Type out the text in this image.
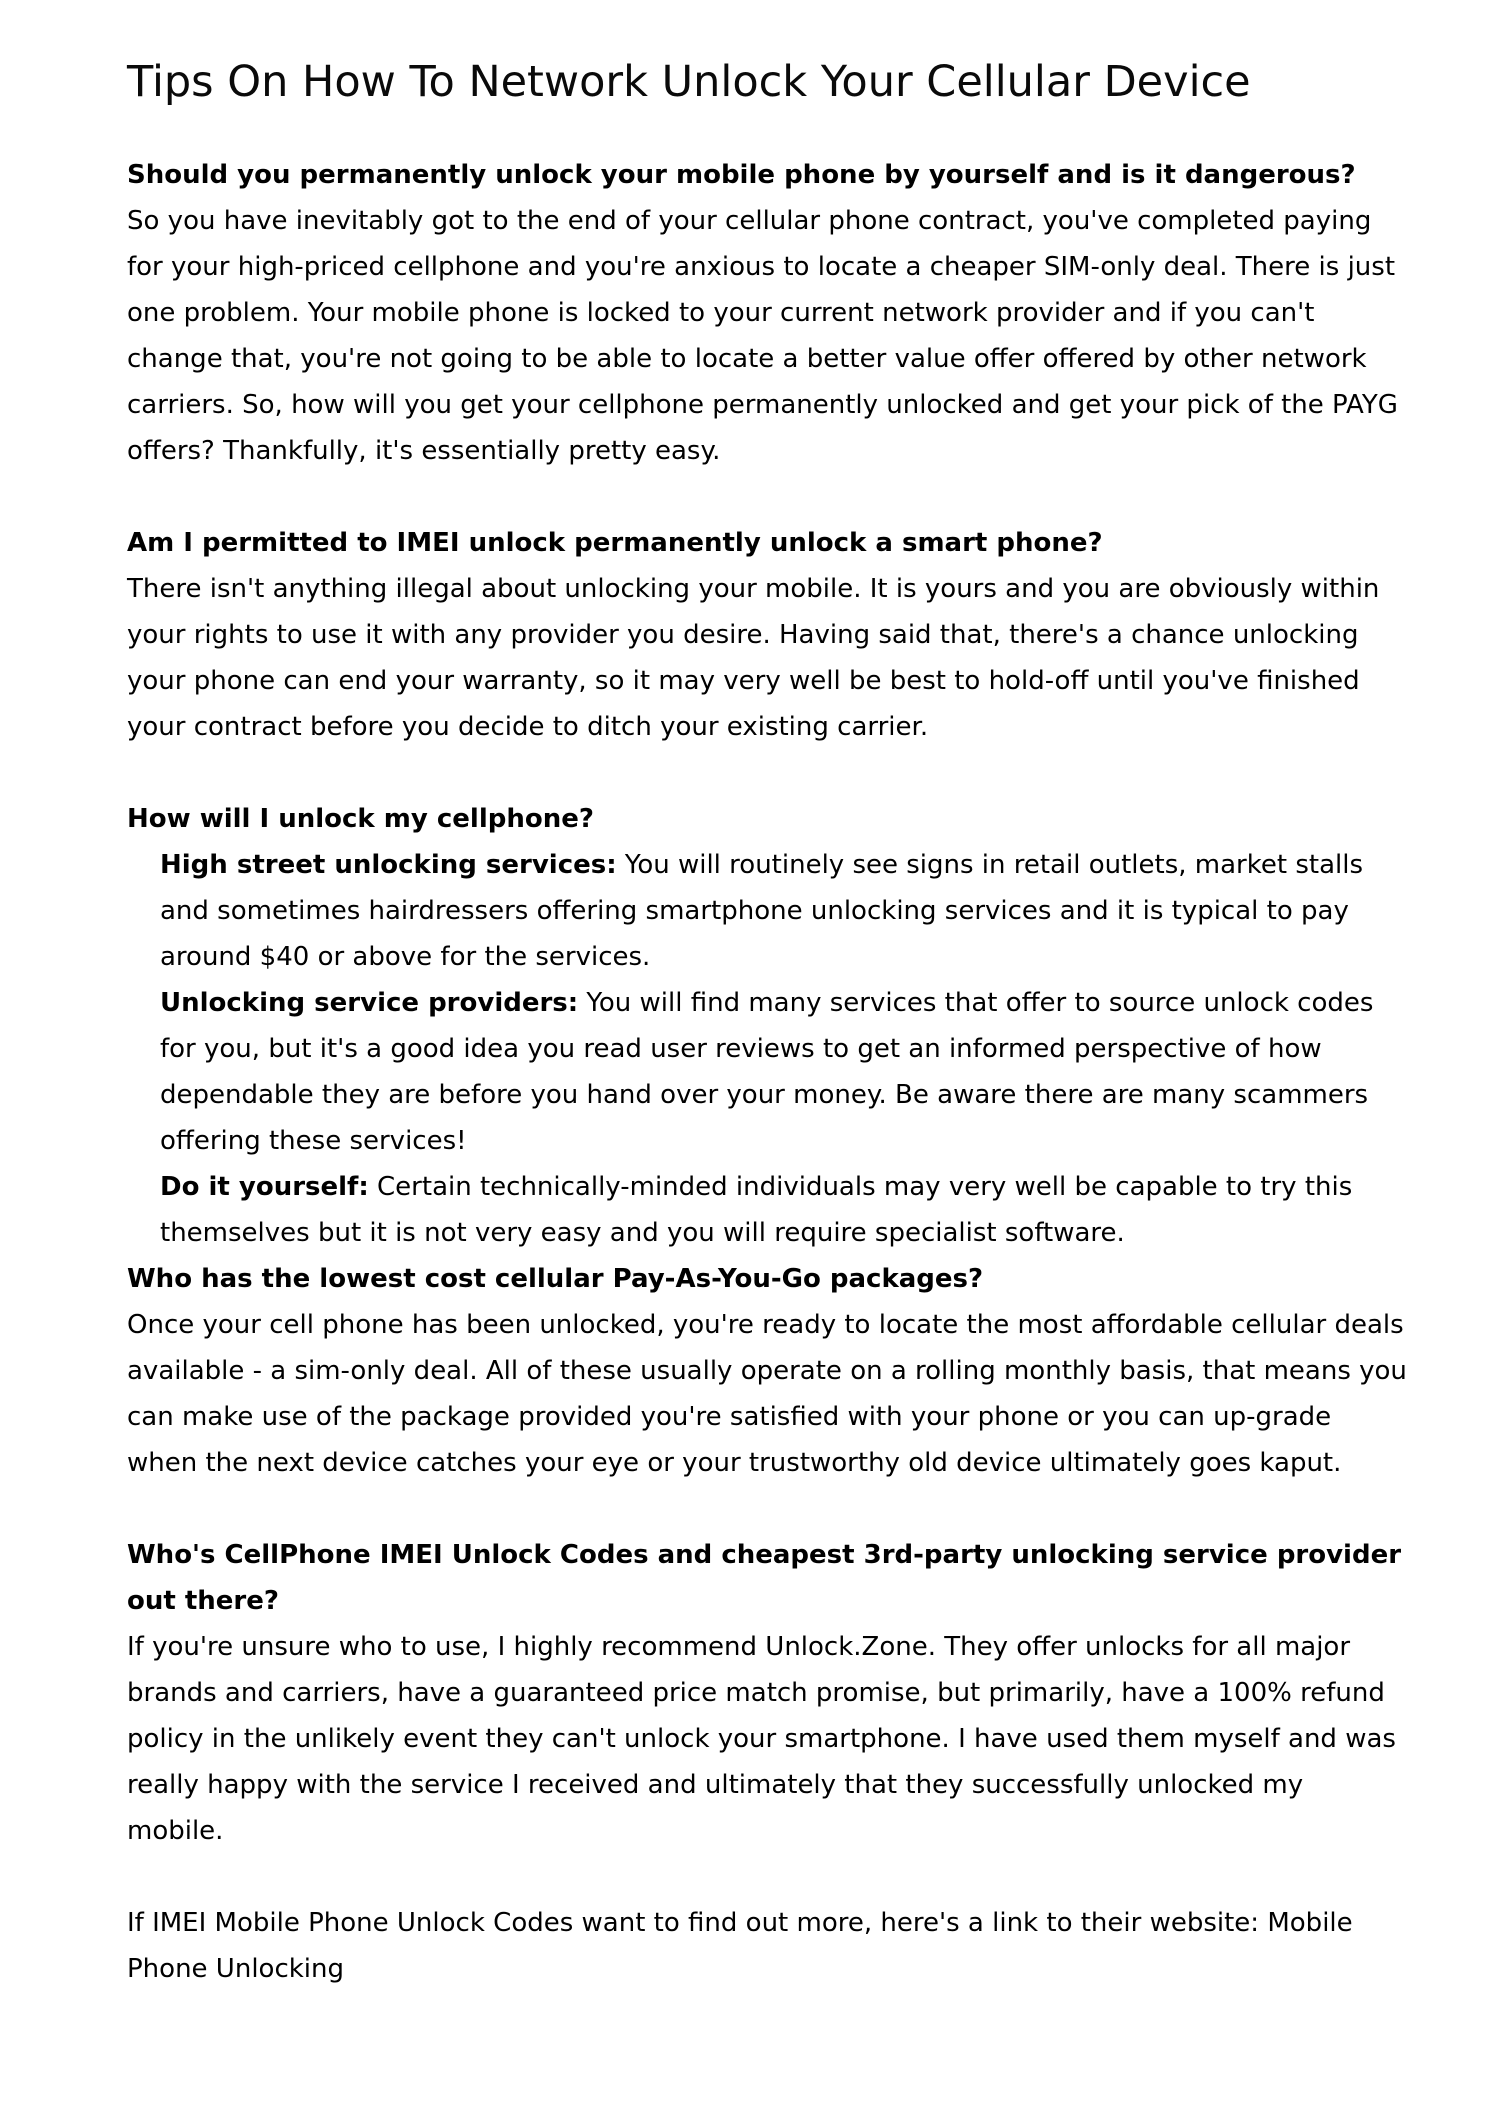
Tips On How To Network Unlock Your Cellular Device

Should you permanently unlock your mobile phone by yourself and is it dangerous?

So you have inevitably got to the end of your cellular phone contract, you've completed paying for your high-priced cellphone and you're anxious to locate a cheaper SIM-only deal. There is just one problem. Your mobile phone is locked to your current network provider and if you can't change that, you're not going to be able to locate a better value offer offered by other network carriers. So, how will you get your cellphone permanently unlocked and get your pick of the PAYG offers? Thankfully, it's essentially pretty easy.

Am I permitted to IMEI unlock permanently unlock a smart phone?

There isn't anything illegal about unlocking your mobile. It is yours and you are obviously within your rights to use it with any provider you desire. Having said that, there's a chance unlocking your phone can end your warranty, so it may very well be best to hold-off until you've finished your contract before you decide to ditch your existing carrier.

How will I unlock my cellphone?

High street unlocking services: You will routinely see signs in retail outlets, market stalls and sometimes hairdressers offering smartphone unlocking services and it is typical to pay around $40 or above for the services.

Unlocking service providers: You will find many services that offer to source unlock codes for you, but it's a good idea you read user reviews to get an informed perspective of how dependable they are before you hand over your money. Be aware there are many scammers offering these services!

Do it yourself: Certain technically-minded individuals may very well be capable to try this themselves but it is not very easy and you will require specialist software.

Who has the lowest cost cellular Pay-As-You-Go packages?

Once your cell phone has been unlocked, you're ready to locate the most affordable cellular deals available - a sim-only deal. All of these usually operate on a rolling monthly basis, that means you can make use of the package provided you're satisfied with your phone or you can up-grade when the next device catches your eye or your trustworthy old device ultimately goes kaput.

Who's CellPhone IMEI Unlock Codes and cheapest 3rd-party unlocking service provider out there?

If you're unsure who to use, I highly recommend Unlock.Zone. They offer unlocks for all major brands and carriers, have a guaranteed price match promise, but primarily, have a 100% refund policy in the unlikely event they can't unlock your smartphone. I have used them myself and was really happy with the service I received and ultimately that they successfully unlocked my mobile.

If IMEI Mobile Phone Unlock Codes want to find out more, here's a link to their website: Mobile Phone Unlocking
